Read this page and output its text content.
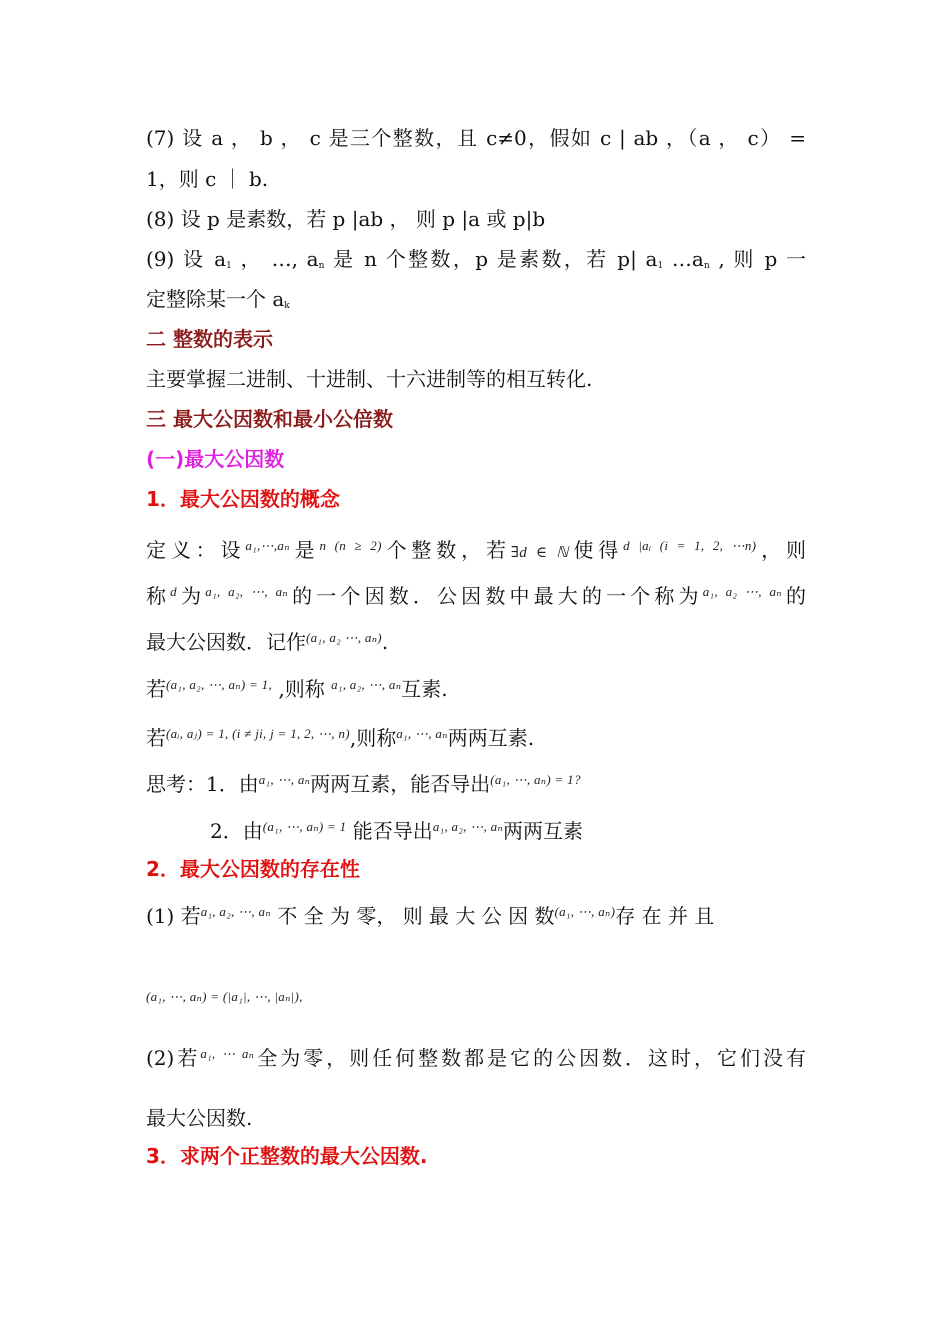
(7) 设 a ， b ， c 是三个整数，且 c≠0，假如 c | ab ，（a ， c） =
1，则 c ｜ b.
(8) 设 p 是素数，若 p |ab ， 则 p |a 或 p|b
(9) 设 $a_1$ ， …, $a_n$ 是 n 个整数，p 是素数，若 p| $a_1$ $\dots a_n$ , 则 p 一
定整除某一个 $a_k$
二 整数的表示
主要掌握二进制、十进制、十六进制等的相互转化.
三 最大公因数和最小公倍数
(一)最大公因数
1．最大公因数的概念
定义：设$^{a_1,\cdots,a_n}$是$^{n (n \ge 2)}$个整数，若∃d ∈ ℕ使得$^{d |aᵢ (i = 1, 2, \cdots n)}$，则
称$^d$为$^{a_1, a_2, \cdots, a_n}$的一个因数．公因数中最大的一个称为$^{a_1, a_2 \cdots, a_n}$的
最大公因数．记作$^{(a_1, a_2 \cdots, a_n)}$.
若$^{(a_1, a_2, \cdots, a_n) = 1,}$ ,则称 $^{a_1, a_2, \cdots, a_n}$互素.
若$^{(aᵢ, aⱼ) = 1, (i \ne ji, j = 1, 2, \cdots, n)}$,则称$^{a_1, \cdots, a_n}$两两互素.
思考：1．由$^{a_1, \cdots, a_n}$两两互素，能否导出$^{(a_1, \cdots, a_n) = 1?}$
2．由$^{(a_1, \cdots, a_n) = 1}$ 能否导出$^{a_1, a_2, \cdots, a_n}$两两互素
2．最大公因数的存在性
(1) 若$^{a_1, a_2, \cdots, a_n}$ 不 全 为 零， 则 最 大 公 因 数$^{(a_1, \cdots, a_n)}$存 在 并 且
(a₁, ⋯, aₙ) = (|a₁|, ⋯, |aₙ|),
(2)若$^{a_1, \cdots a_n}$全为零，则任何整数都是它的公因数．这时，它们没有
最大公因数.
3．求两个正整数的最大公因数.
